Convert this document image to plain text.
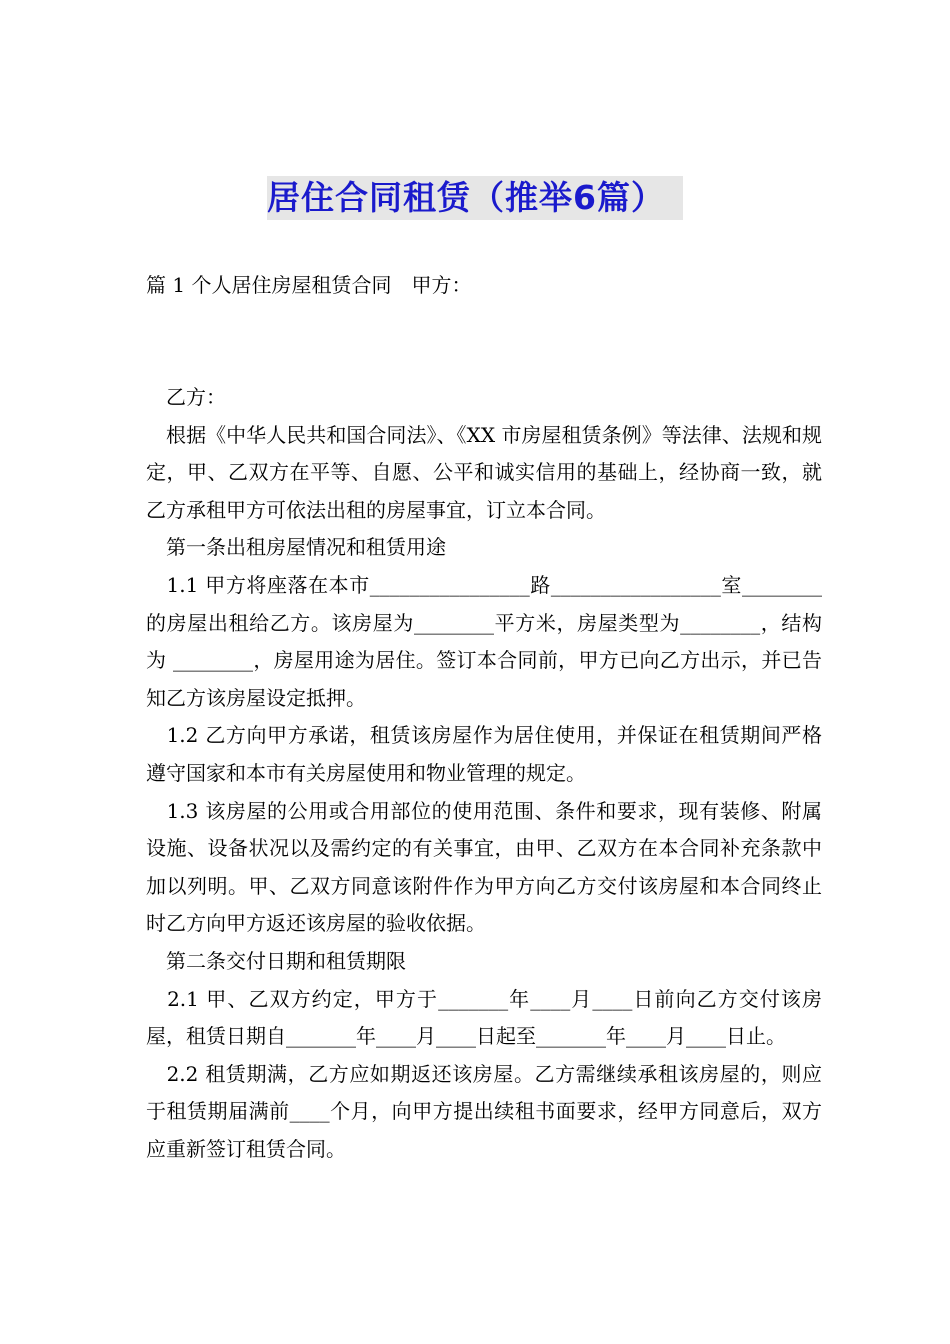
居住合同租赁（推举6篇）
篇 1 个人居住房屋租赁合同　甲方：

　乙方：

　根据《中华人民共和国合同法》、《XX 市房屋租赁条例》等法律、法规和规定，甲、乙双方在平等、自愿、公平和诚实信用的基础上，经协商一致，就乙方承租甲方可依法出租的房屋事宜，订立本合同。

　第一条出租房屋情况和租赁用途

　1.1 甲方将座落在本市________________路_________________室________的房屋出租给乙方。该房屋为________平方米，房屋类型为________，结构为 ________，房屋用途为居住。签订本合同前，甲方已向乙方出示，并已告知乙方该房屋设定抵押。

　1.2 乙方向甲方承诺，租赁该房屋作为居住使用，并保证在租赁期间严格遵守国家和本市有关房屋使用和物业管理的规定。

　1.3 该房屋的公用或合用部位的使用范围、条件和要求，现有装修、附属设施、设备状况以及需约定的有关事宜，由甲、乙双方在本合同补充条款中加以列明。甲、乙双方同意该附件作为甲方向乙方交付该房屋和本合同终止时乙方向甲方返还该房屋的验收依据。

　第二条交付日期和租赁期限

　2.1 甲、乙双方约定，甲方于_______年____月____日前向乙方交付该房屋，租赁日期自_______年____月____日起至_______年____月____日止。

　2.2 租赁期满，乙方应如期返还该房屋。乙方需继续承租该房屋的，则应于租赁期届满前____个月，向甲方提出续租书面要求，经甲方同意后，双方应重新签订租赁合同。
